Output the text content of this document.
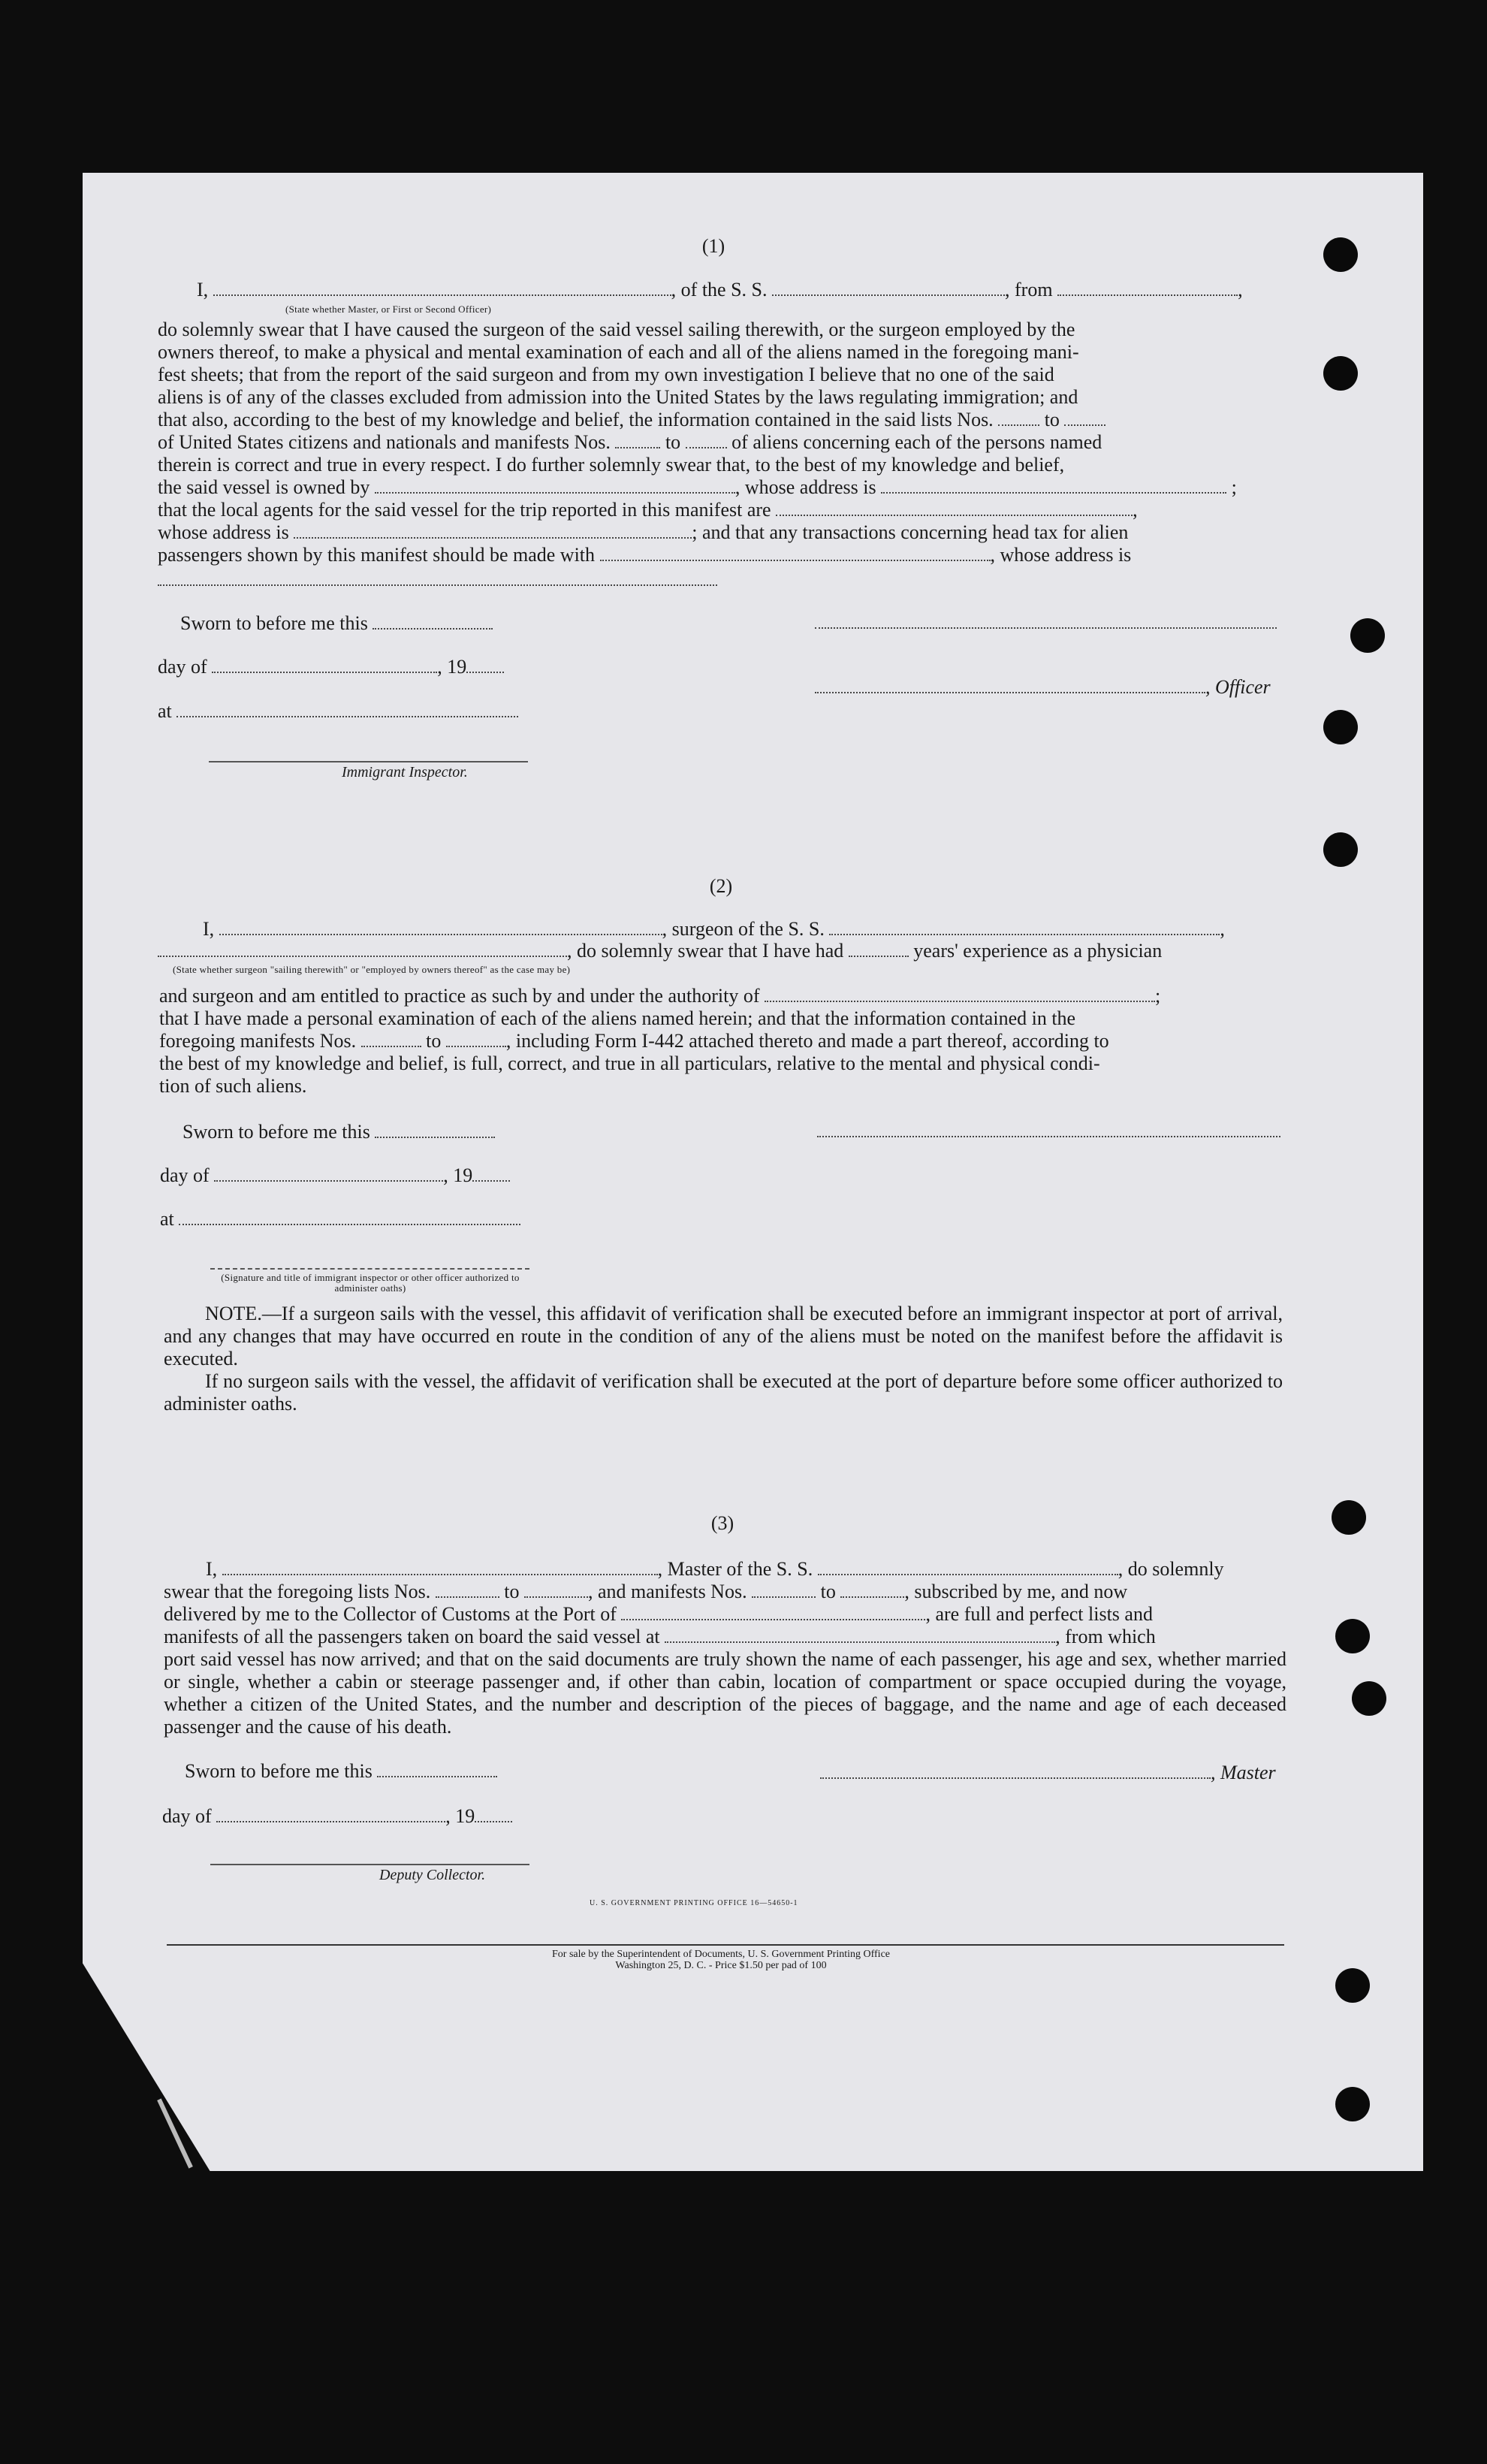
(1)
I,	, of the S. S.	, from	,
(State whether Master, or First or Second Officer)
do solemnly swear that I have caused the surgeon of the said vessel sailing therewith, or the surgeon employed by the
owners thereof, to make a physical and mental examination of each and all of the aliens named in the foregoing mani-
fest sheets; that from the report of the said surgeon and from my own investigation I believe that no one of the said
aliens is of any of the classes excluded from admission into the United States by the laws regulating immigration; and
that also, according to the best of my knowledge and belief, the information contained in the said lists Nos.	to
of United States citizens and nationals and manifests Nos.	to	of aliens concerning each of the persons named
therein is correct and true in every respect. I do further solemnly swear that, to the best of my knowledge and belief,
the said vessel is owned by	, whose address is	;
that the local agents for the said vessel for the trip reported in this manifest are	,
whose address is	; and that any transactions concerning head tax for alien
passengers shown by this manifest should be made with	, whose address is
Sworn to before me this
day of	, 19
, Officer
at
Immigrant Inspector.
(2)
I,	, surgeon of the S. S.	,
, do solemnly swear that I have had	years' experience as a physician
(State whether surgeon "sailing therewith" or "employed by owners thereof" as the case may be)
and surgeon and am entitled to practice as such by and under the authority of	;
that I have made a personal examination of each of the aliens named herein; and that the information contained in the
foregoing manifests Nos.	to	, including Form I-442 attached thereto and made a part thereof, according to
the best of my knowledge and belief, is full, correct, and true in all particulars, relative to the mental and physical condi-
tion of such aliens.
Sworn to before me this
day of	, 19
at
(Signature and title of immigrant inspector or other officer authorized to administer oaths)
NOTE.—If a surgeon sails with the vessel, this affidavit of verification shall be executed before an immigrant inspector at port of arrival, and any changes that may have occurred en route in the condition of any of the aliens must be noted on the manifest before the affidavit is executed.
If no surgeon sails with the vessel, the affidavit of verification shall be executed at the port of departure before some officer authorized to administer oaths.
(3)
I,	, Master of the S. S.	, do solemnly
swear that the foregoing lists Nos.	to	, and manifests Nos.	to	, subscribed by me, and now
delivered by me to the Collector of Customs at the Port of	, are full and perfect lists and
manifests of all the passengers taken on board the said vessel at	, from which
port said vessel has now arrived; and that on the said documents are truly shown the name of each passenger, his age and sex, whether married or single, whether a cabin or steerage passenger and, if other than cabin, location of compartment or space occupied during the voyage, whether a citizen of the United States, and the number and description of the pieces of baggage, and the name and age of each deceased passenger and the cause of his death.
Sworn to before me this	, Master
day of	, 19
Deputy Collector.
U. S. GOVERNMENT PRINTING OFFICE 16—54650-1
For sale by the Superintendent of Documents, U. S. Government Printing Office
Washington 25, D. C. - Price $1.50 per pad of 100
